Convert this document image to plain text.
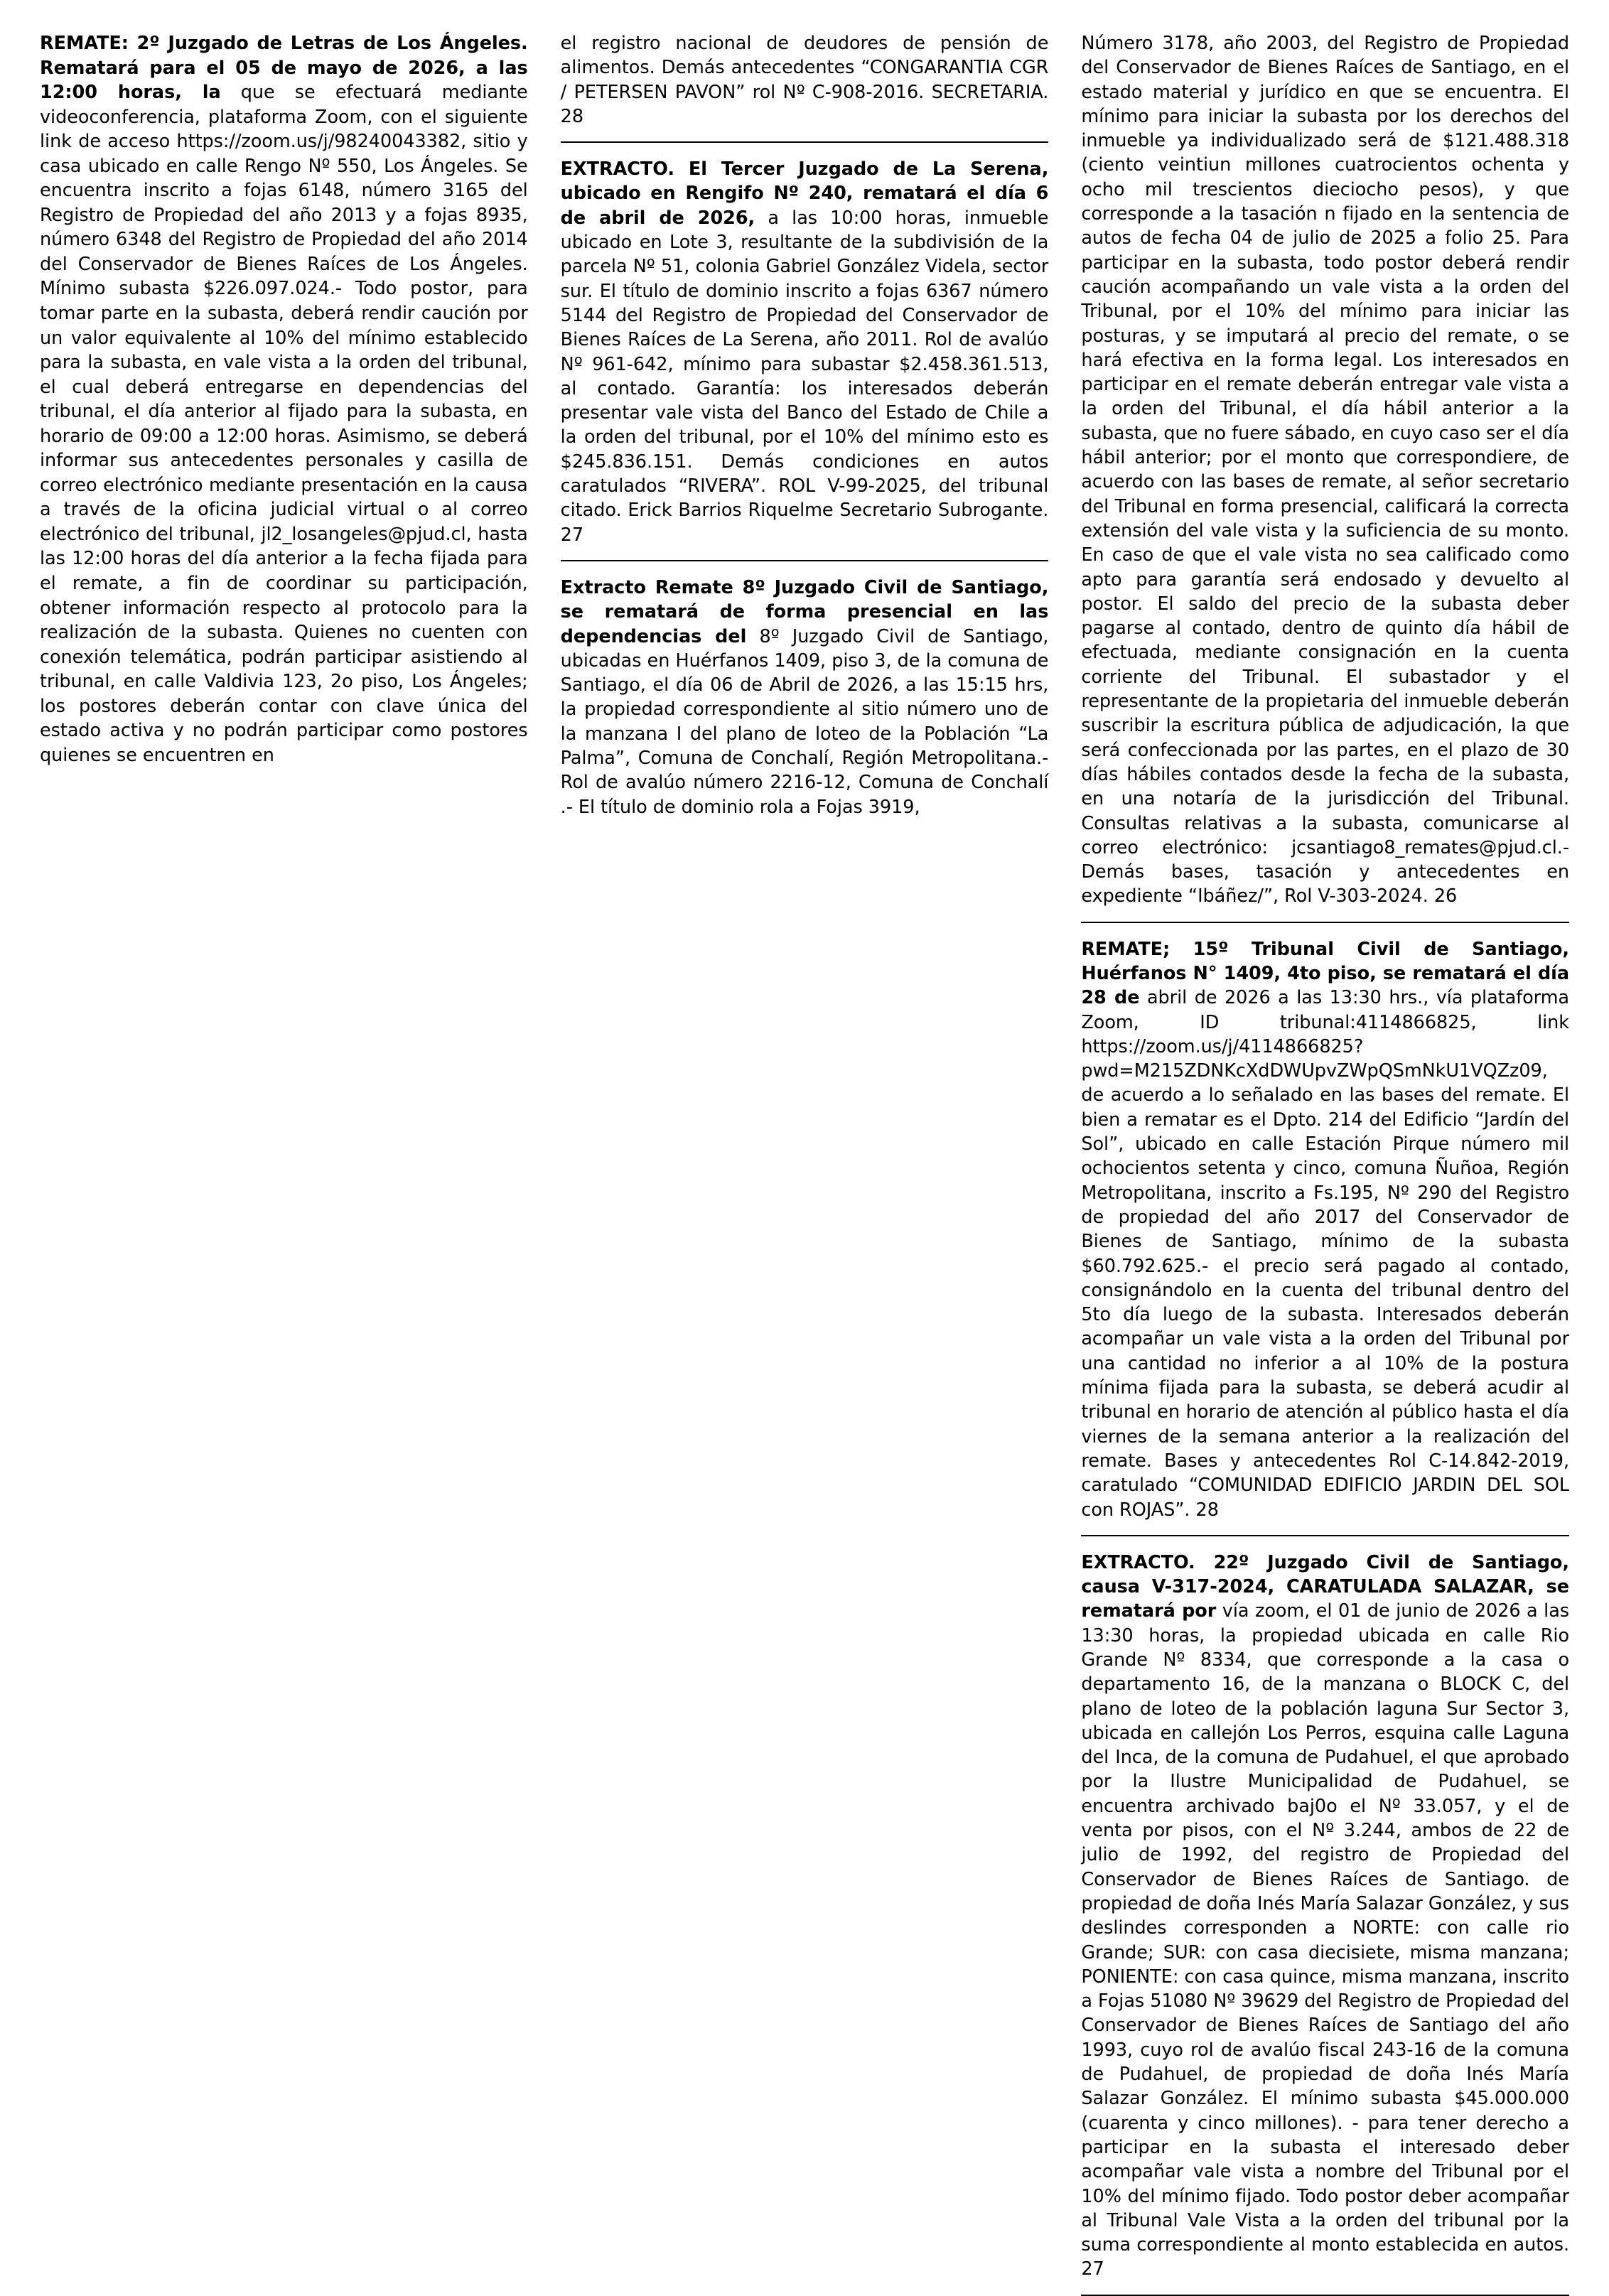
REMATE: 2º Juzgado de Letras de Los Ángeles. Rematará para el 05 de mayo de 2026, a las 12:00 horas, la que se efectuará mediante videoconferencia, plataforma Zoom, con el siguiente link de acceso https://zoom.us/j/98240043382, sitio y casa ubicado en calle Rengo Nº 550, Los Ángeles. Se encuentra inscrito a fojas 6148, número 3165 del Registro de Propiedad del año 2013 y a fojas 8935, número 6348 del Registro de Propiedad del año 2014 del Conservador de Bienes Raíces de Los Ángeles. Mínimo subasta $226.097.024.- Todo postor, para tomar parte en la subasta, deberá rendir caución por un valor equivalente al 10% del mínimo establecido para la subasta, en vale vista a la orden del tribunal, el cual deberá entregarse en dependencias del tribunal, el día anterior al fijado para la subasta, en horario de 09:00 a 12:00 horas. Asimismo, se deberá informar sus antecedentes personales y casilla de correo electrónico mediante presentación en la causa a través de la oficina judicial virtual o al correo electrónico del tribunal, jl2_losangeles@pjud.cl, hasta las 12:00 horas del día anterior a la fecha fijada para el remate, a fin de coordinar su participación, obtener información respecto al protocolo para la realización de la subasta. Quienes no cuenten con conexión telemática, podrán participar asistiendo al tribunal, en calle Valdivia 123, 2o piso, Los Ángeles; los postores deberán contar con clave única del estado activa y no podrán participar como postores quienes se encuentren en

el registro nacional de deudores de pensión de alimentos. Demás antecedentes “CONGARANTIA CGR / PETERSEN PAVON” rol Nº C-908-2016. SECRETARIA. 28

EXTRACTO. El Tercer Juzgado de La Serena, ubicado en Rengifo Nº 240, rematará el día 6 de abril de 2026, a las 10:00 horas, inmueble ubicado en Lote 3, resultante de la subdivisión de la parcela Nº 51, colonia Gabriel González Videla, sector sur. El título de dominio inscrito a fojas 6367 número 5144 del Registro de Propiedad del Conservador de Bienes Raíces de La Serena, año 2011. Rol de avalúo Nº 961-642, mínimo para subastar $2.458.361.513, al contado. Garantía: los interesados deberán presentar vale vista del Banco del Estado de Chile a la orden del tribunal, por el 10% del mínimo esto es $245.836.151. Demás condiciones en autos caratulados “RIVERA”. ROL V-99-2025, del tribunal citado. Erick Barrios Riquelme Secretario Subrogante. 27

Extracto Remate 8º Juzgado Civil de Santiago, se rematará de forma presencial en las dependencias del 8º Juzgado Civil de Santiago, ubicadas en Huérfanos 1409, piso 3, de la comuna de Santiago, el día 06 de Abril de 2026, a las 15:15 hrs, la propiedad correspondiente al sitio número uno de la manzana I del plano de loteo de la Población “La Palma”, Comuna de Conchalí, Región Metropolitana.- Rol de avalúo número 2216-12, Comuna de Conchalí .- El título de dominio rola a Fojas 3919,

Número 3178, año 2003, del Registro de Propiedad del Conservador de Bienes Raíces de Santiago, en el estado material y jurídico en que se encuentra. El mínimo para iniciar la subasta por los derechos del inmueble ya individualizado será de $121.488.318 (ciento veintiun millones cuatrocientos ochenta y ocho mil trescientos dieciocho pesos), y que corresponde a la tasación n fijado en la sentencia de autos de fecha 04 de julio de 2025 a folio 25. Para participar en la subasta, todo postor deberá rendir caución acompañando un vale vista a la orden del Tribunal, por el 10% del mínimo para iniciar las posturas, y se imputará al precio del remate, o se hará efectiva en la forma legal. Los interesados en participar en el remate deberán entregar vale vista a la orden del Tribunal, el día hábil anterior a la subasta, que no fuere sábado, en cuyo caso ser el día hábil anterior; por el monto que correspondiere, de acuerdo con las bases de remate, al señor secretario del Tribunal en forma presencial, calificará la correcta extensión del vale vista y la suficiencia de su monto. En caso de que el vale vista no sea calificado como apto para garantía será endosado y devuelto al postor. El saldo del precio de la subasta deber pagarse al contado, dentro de quinto día hábil de efectuada, mediante consignación en la cuenta corriente del Tribunal. El subastador y el representante de la propietaria del inmueble deberán suscribir la escritura pública de adjudicación, la que será confeccionada por las partes, en el plazo de 30 días hábiles contados desde la fecha de la subasta, en una notaría de la jurisdicción del Tribunal. Consultas relativas a la subasta, comunicarse al correo electrónico: jcsantiago8_remates@pjud.cl.- Demás bases, tasación y antecedentes en expediente “Ibáñez/”, Rol V-303-2024. 26

REMATE; 15º Tribunal Civil de Santiago, Huérfanos N° 1409, 4to piso, se rematará el día 28 de abril de 2026 a las 13:30 hrs., vía plataforma Zoom, ID tribunal:4114866825, link https://zoom.us/j/4114866825?pwd=M215ZDNKcXdDWUpvZWpQSmNkU1VQZz09, de acuerdo a lo señalado en las bases del remate. El bien a rematar es el Dpto. 214 del Edificio “Jardín del Sol”, ubicado en calle Estación Pirque número mil ochocientos setenta y cinco, comuna Ñuñoa, Región Metropolitana, inscrito a Fs.195, Nº 290 del Registro de propiedad del año 2017 del Conservador de Bienes de Santiago, mínimo de la subasta $60.792.625.- el precio será pagado al contado, consignándolo en la cuenta del tribunal dentro del 5to día luego de la subasta. Interesados deberán acompañar un vale vista a la orden del Tribunal por una cantidad no inferior a al 10% de la postura mínima fijada para la subasta, se deberá acudir al tribunal en horario de atención al público hasta el día viernes de la semana anterior a la realización del remate. Bases y antecedentes Rol C-14.842-2019, caratulado “COMUNIDAD EDIFICIO JARDIN DEL SOL con ROJAS”. 28

EXTRACTO. 22º Juzgado Civil de Santiago, causa V-317-2024, CARATULADA SALAZAR, se rematará por vía zoom, el 01 de junio de 2026 a las 13:30 horas, la propiedad ubicada en calle Rio Grande Nº 8334, que corresponde a la casa o departamento 16, de la manzana o BLOCK C, del plano de loteo de la población laguna Sur Sector 3, ubicada en callejón Los Perros, esquina calle Laguna del Inca, de la comuna de Pudahuel, el que aprobado por la Ilustre Municipalidad de Pudahuel, se encuentra archivado baj0o el Nº 33.057, y el de venta por pisos, con el Nº 3.244, ambos de 22 de julio de 1992, del registro de Propiedad del Conservador de Bienes Raíces de Santiago. de propiedad de doña Inés María Salazar González, y sus deslindes corresponden a NORTE: con calle rio Grande; SUR: con casa diecisiete, misma manzana; PONIENTE: con casa quince, misma manzana, inscrito a Fojas 51080 Nº 39629 del Registro de Propiedad del Conservador de Bienes Raíces de Santiago del año 1993, cuyo rol de avalúo fiscal 243-16 de la comuna de Pudahuel, de propiedad de doña Inés María Salazar González. El mínimo subasta $45.000.000 (cuarenta y cinco millones). - para tener derecho a participar en la subasta el interesado deber acompañar vale vista a nombre del Tribunal por el 10% del mínimo fijado. Todo postor deber acompañar al Tribunal Vale Vista a la orden del tribunal por la suma correspondiente al monto establecida en autos. 27
